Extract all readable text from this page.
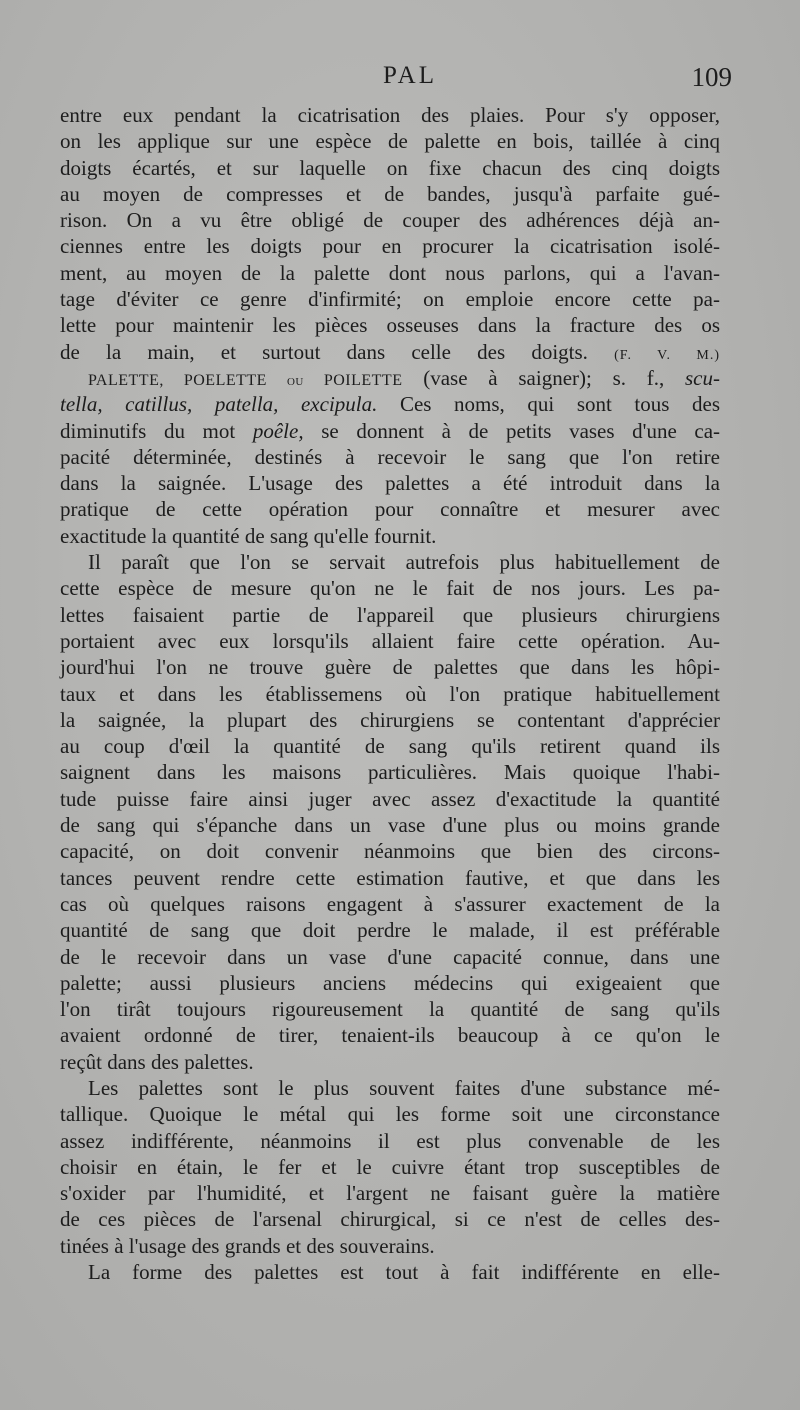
PAL	109
entre eux pendant la cicatrisation des plaies. Pour s'y opposer,
on les applique sur une espèce de palette en bois, taillée à cinq
doigts écartés, et sur laquelle on fixe chacun des cinq doigts
au moyen de compresses et de bandes, jusqu'à parfaite gué-
rison. On a vu être obligé de couper des adhérences déjà an-
ciennes entre les doigts pour en procurer la cicatrisation isolé-
ment, au moyen de la palette dont nous parlons, qui a l'avan-
tage d'éviter ce genre d'infirmité; on emploie encore cette pa-
lette pour maintenir les pièces osseuses dans la fracture des os
de la main, et surtout dans celle des doigts. (F. V. M.)
PALETTE, POELETTE ou POILETTE (vase à saigner); s. f., scu-
tella, catillus, patella, excipula. Ces noms, qui sont tous des
diminutifs du mot poêle, se donnent à de petits vases d'une ca-
pacité déterminée, destinés à recevoir le sang que l'on retire
dans la saignée. L'usage des palettes a été introduit dans la
pratique de cette opération pour connaître et mesurer avec
exactitude la quantité de sang qu'elle fournit.
Il paraît que l'on se servait autrefois plus habituellement de
cette espèce de mesure qu'on ne le fait de nos jours. Les pa-
lettes faisaient partie de l'appareil que plusieurs chirurgiens
portaient avec eux lorsqu'ils allaient faire cette opération. Au-
jourd'hui l'on ne trouve guère de palettes que dans les hôpi-
taux et dans les établissemens où l'on pratique habituellement
la saignée, la plupart des chirurgiens se contentant d'apprécier
au coup d'œil la quantité de sang qu'ils retirent quand ils
saignent dans les maisons particulières. Mais quoique l'habi-
tude puisse faire ainsi juger avec assez d'exactitude la quantité
de sang qui s'épanche dans un vase d'une plus ou moins grande
capacité, on doit convenir néanmoins que bien des circons-
tances peuvent rendre cette estimation fautive, et que dans les
cas où quelques raisons engagent à s'assurer exactement de la
quantité de sang que doit perdre le malade, il est préférable
de le recevoir dans un vase d'une capacité connue, dans une
palette; aussi plusieurs anciens médecins qui exigeaient que
l'on tirât toujours rigoureusement la quantité de sang qu'ils
avaient ordonné de tirer, tenaient-ils beaucoup à ce qu'on le
reçût dans des palettes.
Les palettes sont le plus souvent faites d'une substance mé-
tallique. Quoique le métal qui les forme soit une circonstance
assez indifférente, néanmoins il est plus convenable de les
choisir en étain, le fer et le cuivre étant trop susceptibles de
s'oxider par l'humidité, et l'argent ne faisant guère la matière
de ces pièces de l'arsenal chirurgical, si ce n'est de celles des-
tinées à l'usage des grands et des souverains.
La forme des palettes est tout à fait indifférente en elle-
